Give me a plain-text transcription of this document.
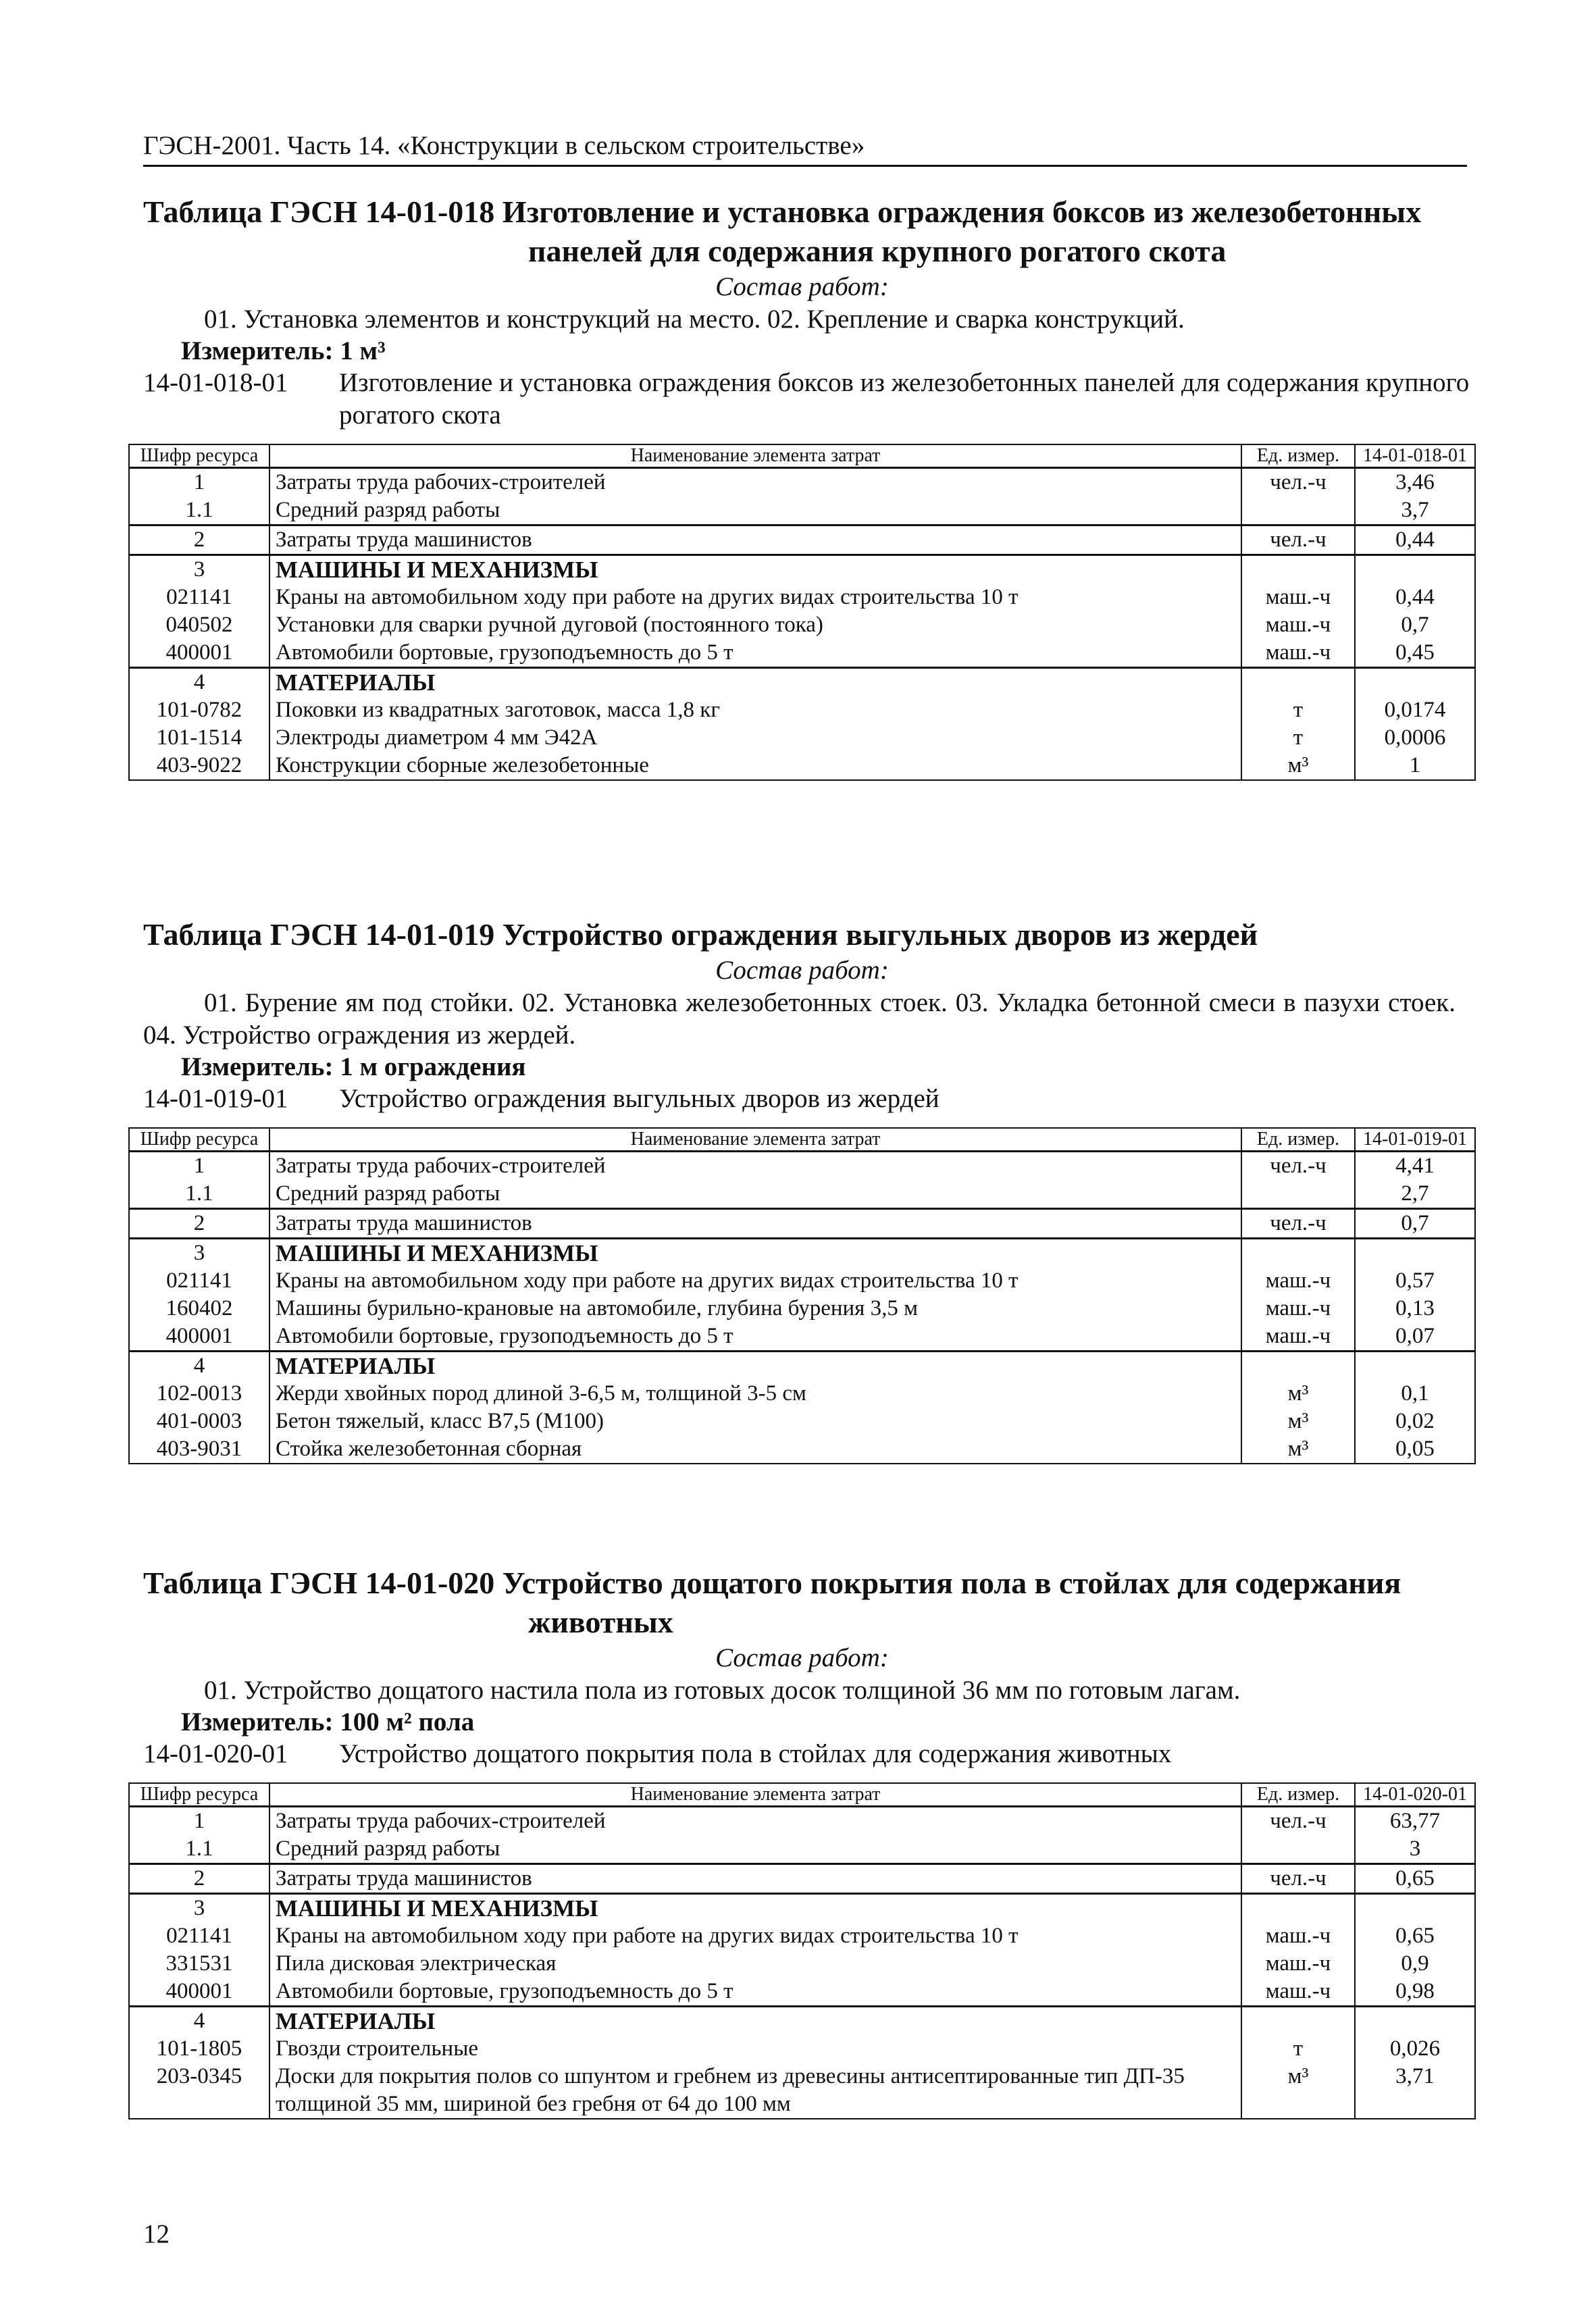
ГЭСН-2001. Часть 14. «Конструкции в сельском строительстве»
Таблица ГЭСН 14-01-018 Изготовление и установка ограждения боксов из железобетонных панелей для содержания крупного рогатого скота
Состав работ:
01. Установка элементов и конструкций на место. 02. Крепление и сварка конструкций.
Измеритель: 1 м³
14-01-018-01	Изготовление и установка ограждения боксов из железобетонных панелей для содержания крупного рогатого скота
Шифр ресурса	Наименование элемента затрат	Ед. измер.	14-01-018-01
1	Затраты труда рабочих-строителей	чел.-ч	3,46
1.1	Средний разряд работы		3,7
2	Затраты труда машинистов	чел.-ч	0,44
3	МАШИНЫ И МЕХАНИЗМЫ		
021141	Краны на автомобильном ходу при работе на других видах строительства 10 т	маш.-ч	0,44
040502	Установки для сварки ручной дуговой (постоянного тока)	маш.-ч	0,7
400001	Автомобили бортовые, грузоподъемность до 5 т	маш.-ч	0,45
4	МАТЕРИАЛЫ		
101-0782	Поковки из квадратных заготовок, масса 1,8 кг	т	0,0174
101-1514	Электроды диаметром 4 мм Э42А	т	0,0006
403-9022	Конструкции сборные железобетонные	м³	1
Таблица ГЭСН 14-01-019 Устройство ограждения выгульных дворов из жердей
Состав работ:
01. Бурение ям под стойки. 02. Установка железобетонных стоек. 03. Укладка бетонной смеси в пазухи стоек. 04. Устройство ограждения из жердей.
Измеритель: 1 м ограждения
14-01-019-01	Устройство ограждения выгульных дворов из жердей
Шифр ресурса	Наименование элемента затрат	Ед. измер.	14-01-019-01
1	Затраты труда рабочих-строителей	чел.-ч	4,41
1.1	Средний разряд работы		2,7
2	Затраты труда машинистов	чел.-ч	0,7
3	МАШИНЫ И МЕХАНИЗМЫ		
021141	Краны на автомобильном ходу при работе на других видах строительства 10 т	маш.-ч	0,57
160402	Машины бурильно-крановые на автомобиле, глубина бурения 3,5 м	маш.-ч	0,13
400001	Автомобили бортовые, грузоподъемность до 5 т	маш.-ч	0,07
4	МАТЕРИАЛЫ		
102-0013	Жерди хвойных пород длиной 3-6,5 м, толщиной 3-5 см	м³	0,1
401-0003	Бетон тяжелый, класс В7,5 (М100)	м³	0,02
403-9031	Стойка железобетонная сборная	м³	0,05
Таблица ГЭСН 14-01-020 Устройство дощатого покрытия пола в стойлах для содержания животных
Состав работ:
01. Устройство дощатого настила пола из готовых досок толщиной 36 мм по готовым лагам.
Измеритель: 100 м² пола
14-01-020-01	Устройство дощатого покрытия пола в стойлах для содержания животных
Шифр ресурса	Наименование элемента затрат	Ед. измер.	14-01-020-01
1	Затраты труда рабочих-строителей	чел.-ч	63,77
1.1	Средний разряд работы		3
2	Затраты труда машинистов	чел.-ч	0,65
3	МАШИНЫ И МЕХАНИЗМЫ		
021141	Краны на автомобильном ходу при работе на других видах строительства 10 т	маш.-ч	0,65
331531	Пила дисковая электрическая	маш.-ч	0,9
400001	Автомобили бортовые, грузоподъемность до 5 т	маш.-ч	0,98
4	МАТЕРИАЛЫ		
101-1805	Гвозди строительные	т	0,026
203-0345	Доски для покрытия полов со шпунтом и гребнем из древесины антисептированные тип ДП-35 толщиной 35 мм, шириной без гребня от 64 до 100 мм	м³	3,71
12
